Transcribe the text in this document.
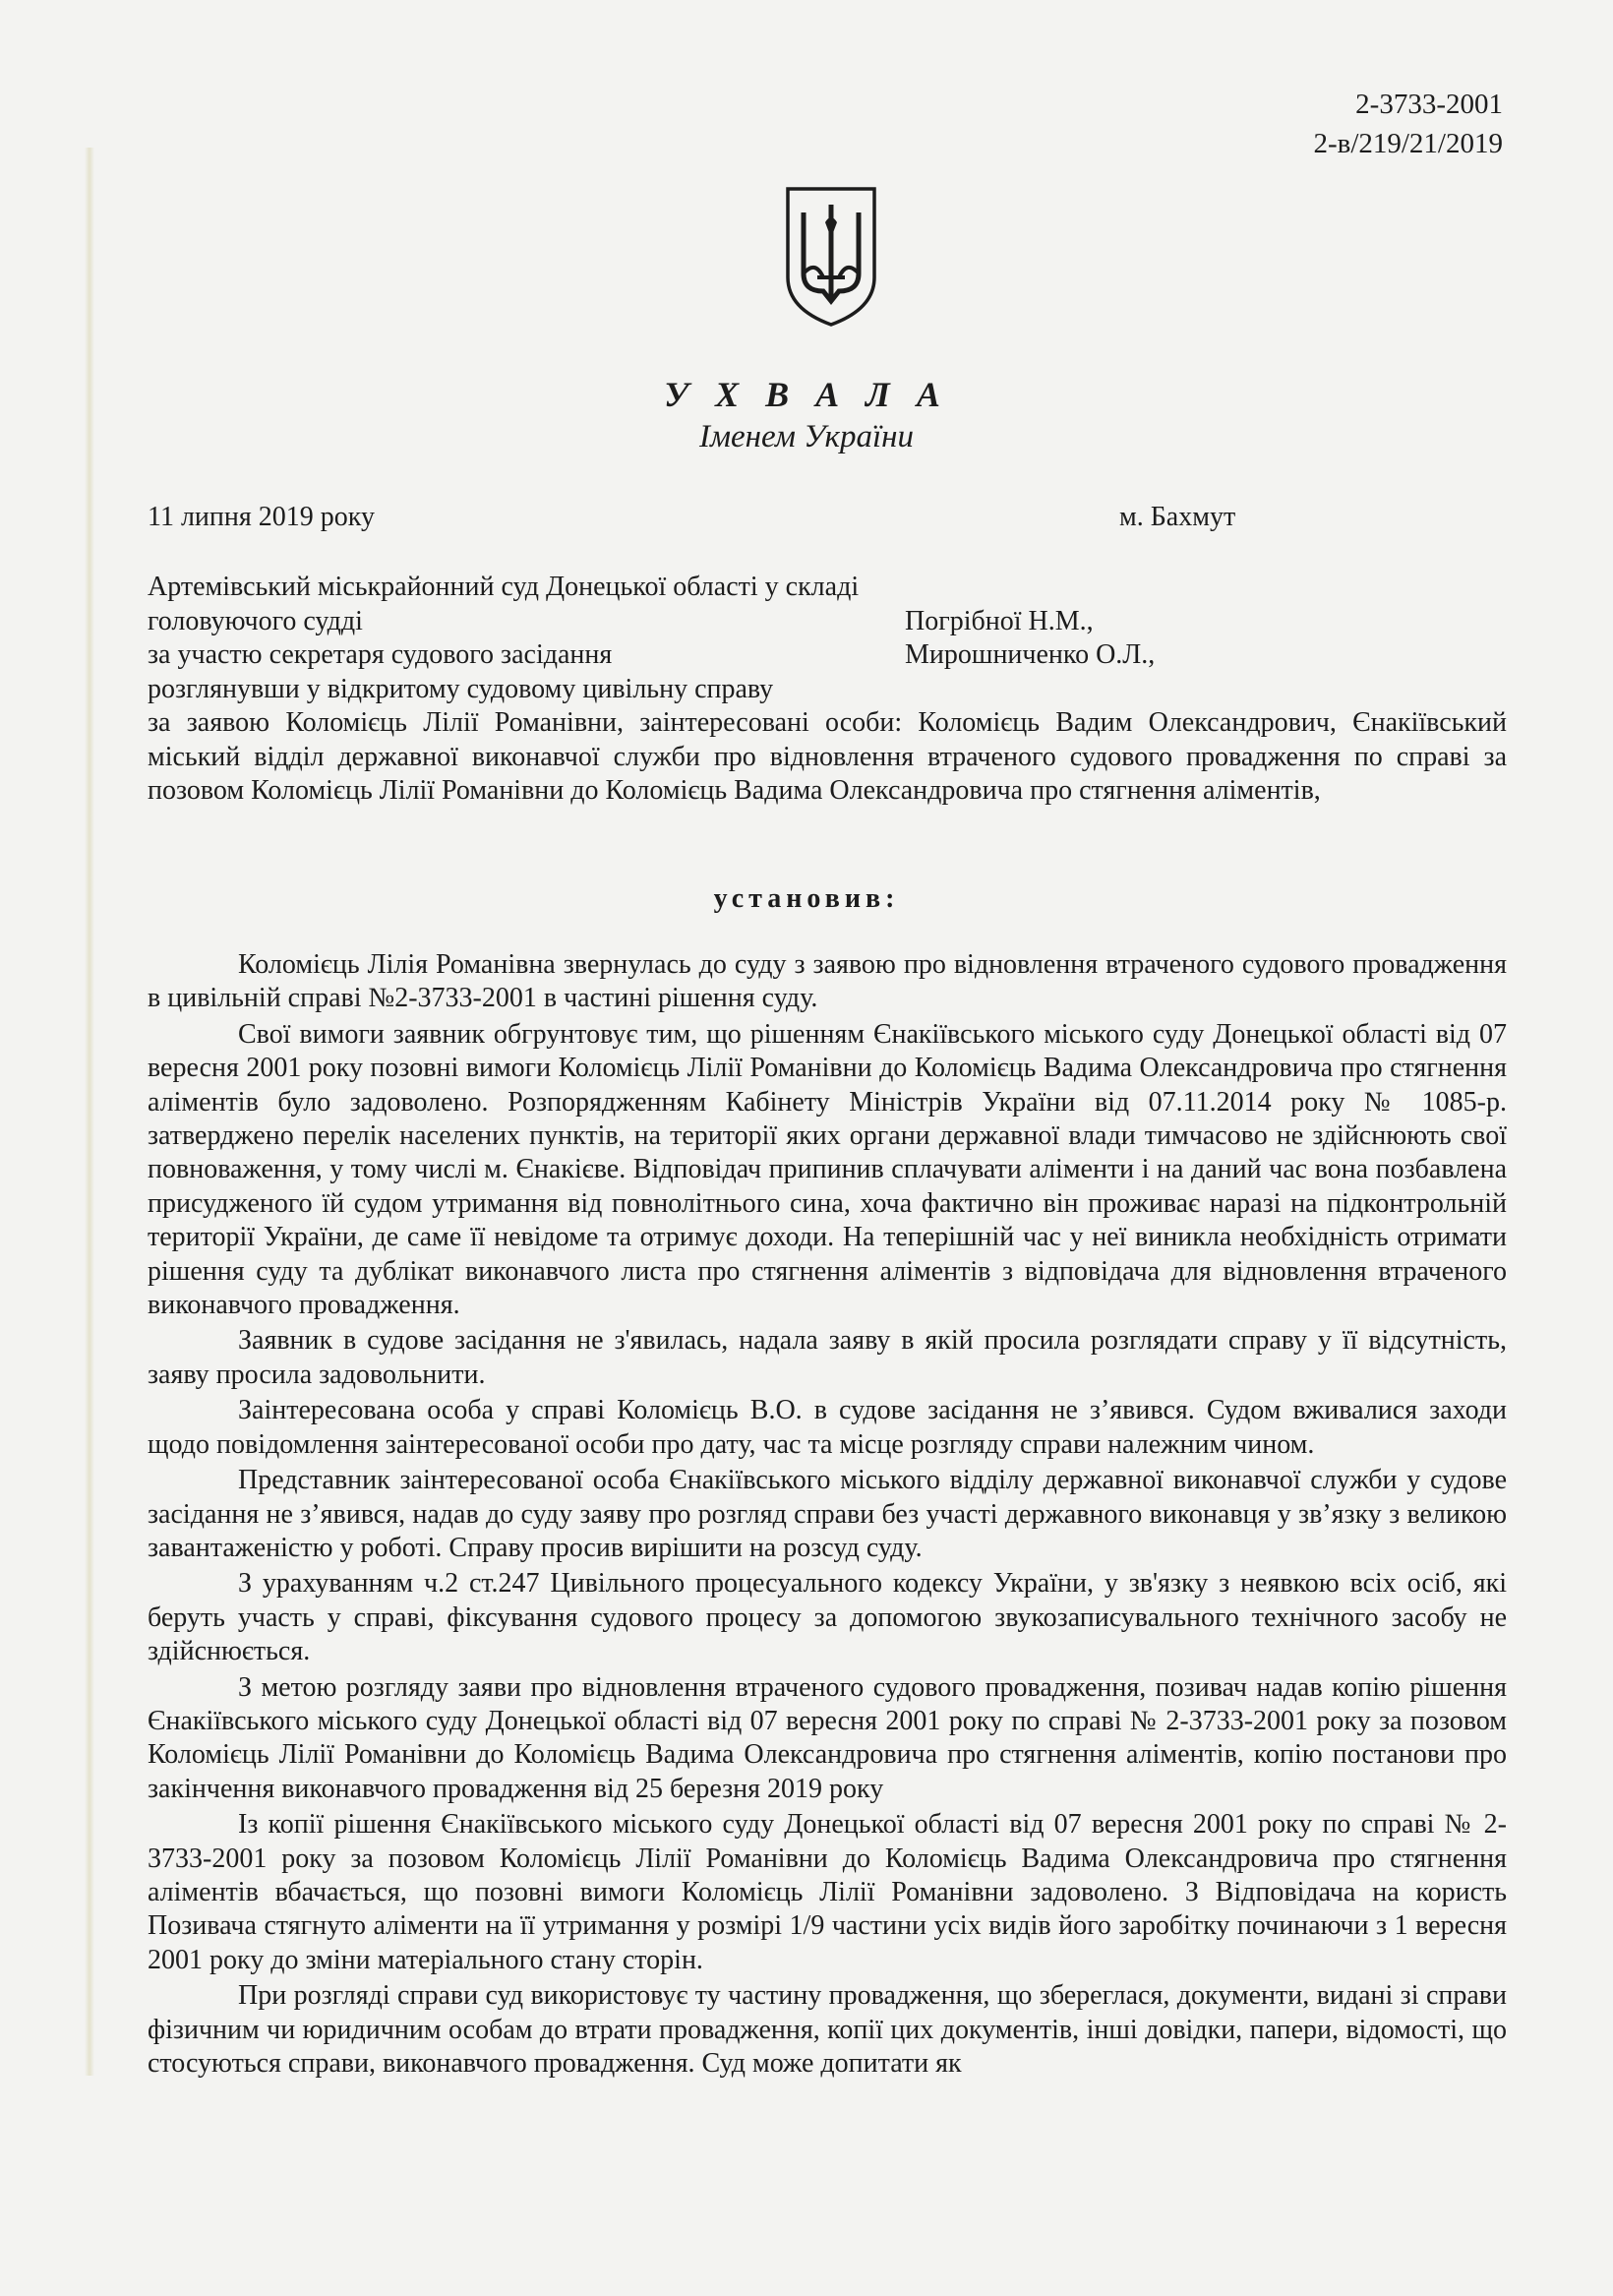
2-3733-2001
2-в/219/21/2019
У Х В А Л А
Іменем України
11 липня 2019 року	м. Бахмут
Артемівський міськрайонний суд Донецької області у складі
головуючого судді	Погрібної Н.М.,
за участю секретаря судового засідання	Мирошниченко О.Л.,
розглянувши у відкритому судовому цивільну справу
за заявою Коломієць Лілії Романівни, заінтересовані особи: Коломієць Вадим Олександрович, Єнакіївський міський відділ державної виконавчої служби про відновлення втраченого судового провадження по справі за позовом Коломієць Лілії Романівни до Коломієць Вадима Олександровича про стягнення аліментів,
установив:

Коломієць Лілія Романівна звернулась до суду з заявою про відновлення втраченого судового провадження в цивільній справі №2-3733-2001 в частині рішення суду.

Свої вимоги заявник обгрунтовує тим, що рішенням Єнакіївського міського суду Донецької області від 07 вересня 2001 року позовні вимоги Коломієць Лілії Романівни до Коломієць Вадима Олександровича про стягнення аліментів було задоволено. Розпорядженням Кабінету Міністрів України від 07.11.2014 року № 1085-р. затверджено перелік населених пунктів, на території яких органи державної влади тимчасово не здійснюють свої повноваження, у тому числі м. Єнакієве. Відповідач припинив сплачувати аліменти і на даний час вона позбавлена присудженого їй судом утримання від повнолітнього сина, хоча фактично він проживає наразі на підконтрольній території України, де саме її невідоме та отримує доходи. На теперішній час у неї виникла необхідність отримати рішення суду та дублікат виконавчого листа про стягнення аліментів з відповідача для відновлення втраченого виконавчого провадження.

Заявник в судове засідання не з'явилась, надала заяву в якій просила розглядати справу у її відсутність, заяву просила задовольнити.

Заінтересована особа у справі Коломієць В.О. в судове засідання не з’явився. Судом вживалися заходи щодо повідомлення заінтересованої особи про дату, час та місце розгляду справи належним чином.

Представник заінтересованої особа Єнакіївського міського відділу державної виконавчої служби у судове засідання не з’явився, надав до суду заяву про розгляд справи без участі державного виконавця у зв’язку з великою завантаженістю у роботі. Справу просив вирішити на розсуд суду.

З урахуванням ч.2 ст.247 Цивільного процесуального кодексу України, у зв'язку з неявкою всіх осіб, які беруть участь у справі, фіксування судового процесу за допомогою звукозаписувального технічного засобу не здійснюється.

З метою розгляду заяви про відновлення втраченого судового провадження, позивач надав копію рішення Єнакіївського міського суду Донецької області від 07 вересня 2001 року по справі № 2-3733-2001 року за позовом Коломієць Лілії Романівни до Коломієць Вадима Олександровича про стягнення аліментів, копію постанови про закінчення виконавчого провадження від 25 березня 2019 року

Із копії рішення Єнакіївського міського суду Донецької області від 07 вересня 2001 року по справі № 2-3733-2001 року за позовом Коломієць Лілії Романівни до Коломієць Вадима Олександровича про стягнення аліментів вбачається, що позовні вимоги Коломієць Лілії Романівни задоволено. З Відповідача на користь Позивача стягнуто аліменти на її утримання у розмірі 1/9 частини усіх видів його заробітку починаючи з 1 вересня 2001 року до зміни матеріального стану сторін.

При розгляді справи суд використовує ту частину провадження, що збереглася, документи, видані зі справи фізичним чи юридичним особам до втрати провадження, копії цих документів, інші довідки, папери, відомості, що стосуються справи, виконавчого провадження. Суд може допитати як
